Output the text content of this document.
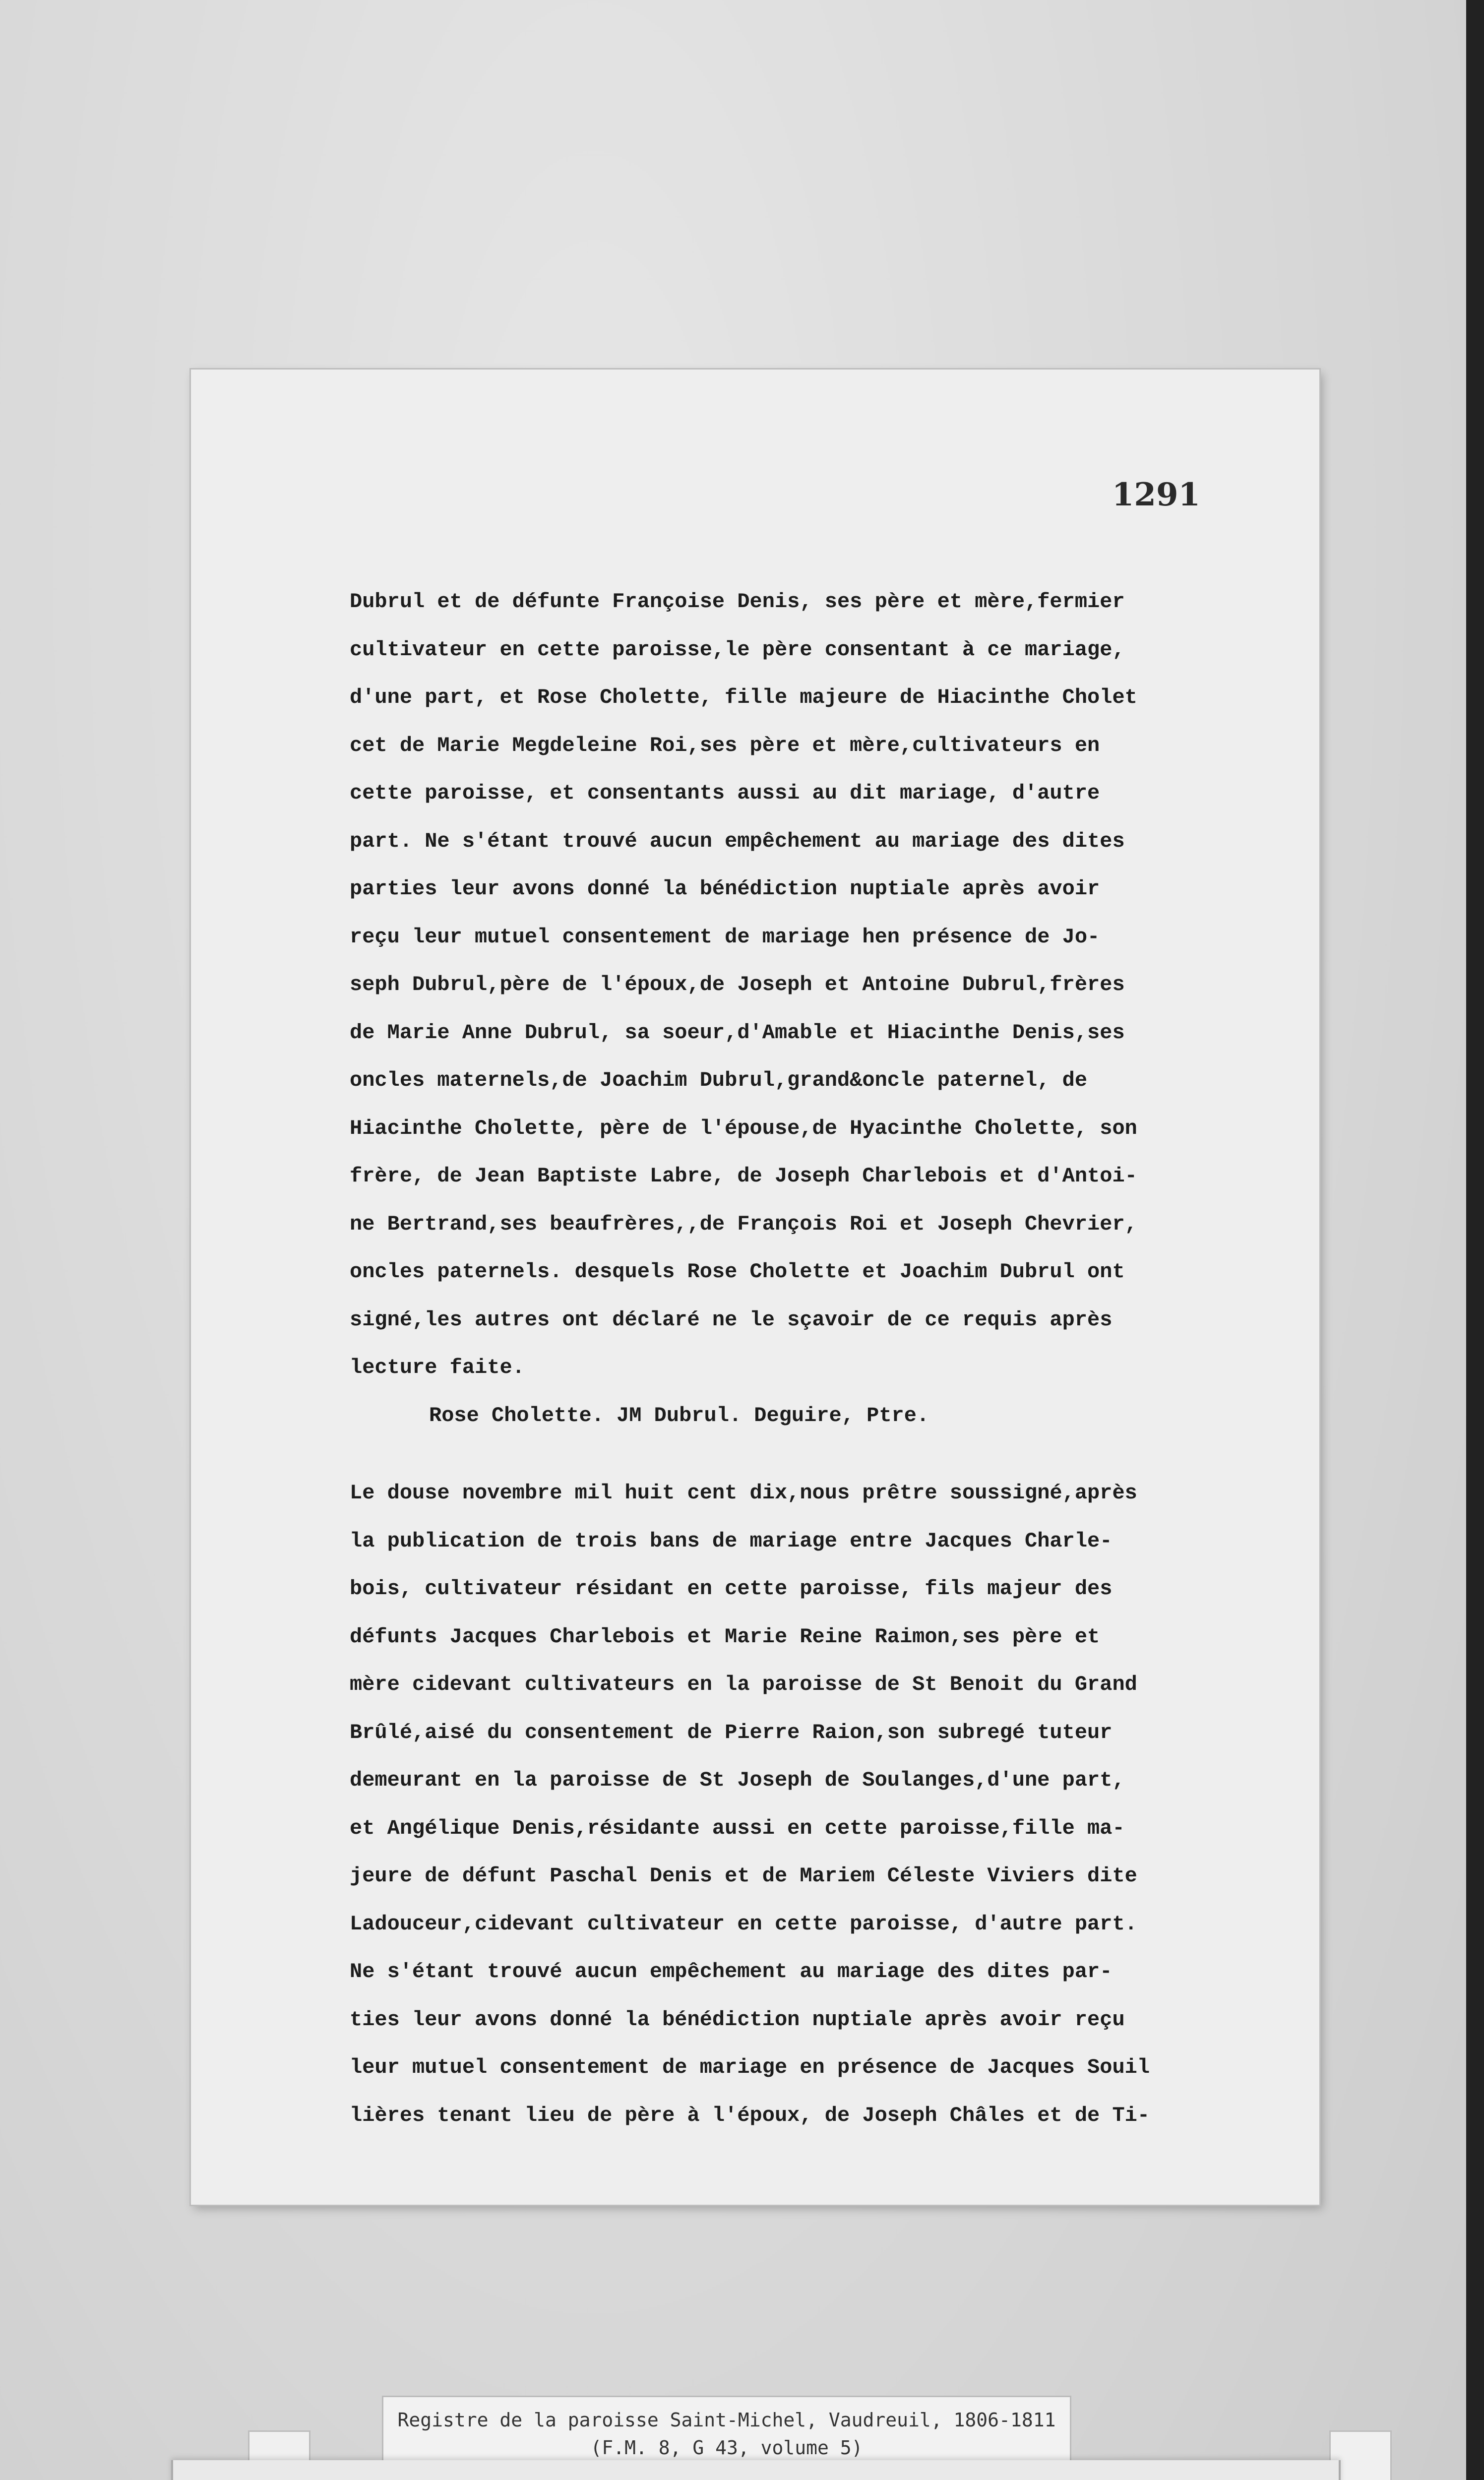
1291
Dubrul et de défunte Françoise Denis, ses père et mère,fermier
cultivateur en cette paroisse,le père consentant à ce mariage,
d'une part, et Rose Cholette, fille majeure de Hiacinthe Cholet
cet de Marie Megdeleine Roi,ses père et mère,cultivateurs en
cette paroisse, et consentants aussi au dit mariage, d'autre
part. Ne s'étant trouvé aucun empêchement au mariage des dites
parties leur avons donné la bénédiction nuptiale après avoir
reçu leur mutuel consentement de mariage hen présence de Jo-
seph Dubrul,père de l'époux,de Joseph et Antoine Dubrul,frères
de Marie Anne Dubrul, sa soeur,d'Amable et Hiacinthe Denis,ses
oncles maternels,de Joachim Dubrul,grand&oncle paternel, de
Hiacinthe Cholette, père de l'épouse,de Hyacinthe Cholette, son
frère, de Jean Baptiste Labre, de Joseph Charlebois et d'Antoi-
ne Bertrand,ses beaufrères,,de François Roi et Joseph Chevrier,
oncles paternels. desquels Rose Cholette et Joachim Dubrul ont
signé,les autres ont déclaré ne le sçavoir de ce requis après
lecture faite.
Rose Cholette. JM Dubrul. Deguire, Ptre.
Le douse novembre mil huit cent dix,nous prêtre soussigné,après
la publication de trois bans de mariage entre Jacques Charle-
bois, cultivateur résidant en cette paroisse, fils majeur des
défunts Jacques Charlebois et Marie Reine Raimon,ses père et
mère cidevant cultivateurs en la paroisse de St Benoit du Grand
Brûlé,aisé du consentement de Pierre Raion,son subregé tuteur
demeurant en la paroisse de St Joseph de Soulanges,d'une part,
et Angélique Denis,résidante aussi en cette paroisse,fille ma-
jeure de défunt Paschal Denis et de Mariem Céleste Viviers dite
Ladouceur,cidevant cultivateur en cette paroisse, d'autre part.
Ne s'étant trouvé aucun empêchement au mariage des dites par-
ties leur avons donné la bénédiction nuptiale après avoir reçu
leur mutuel consentement de mariage en présence de Jacques Souil
lières tenant lieu de père à l'époux, de Joseph Châles et de Ti-
Registre de la paroisse Saint-Michel, Vaudreuil, 1806-1811
(F.M. 8, G 43, volume 5)
